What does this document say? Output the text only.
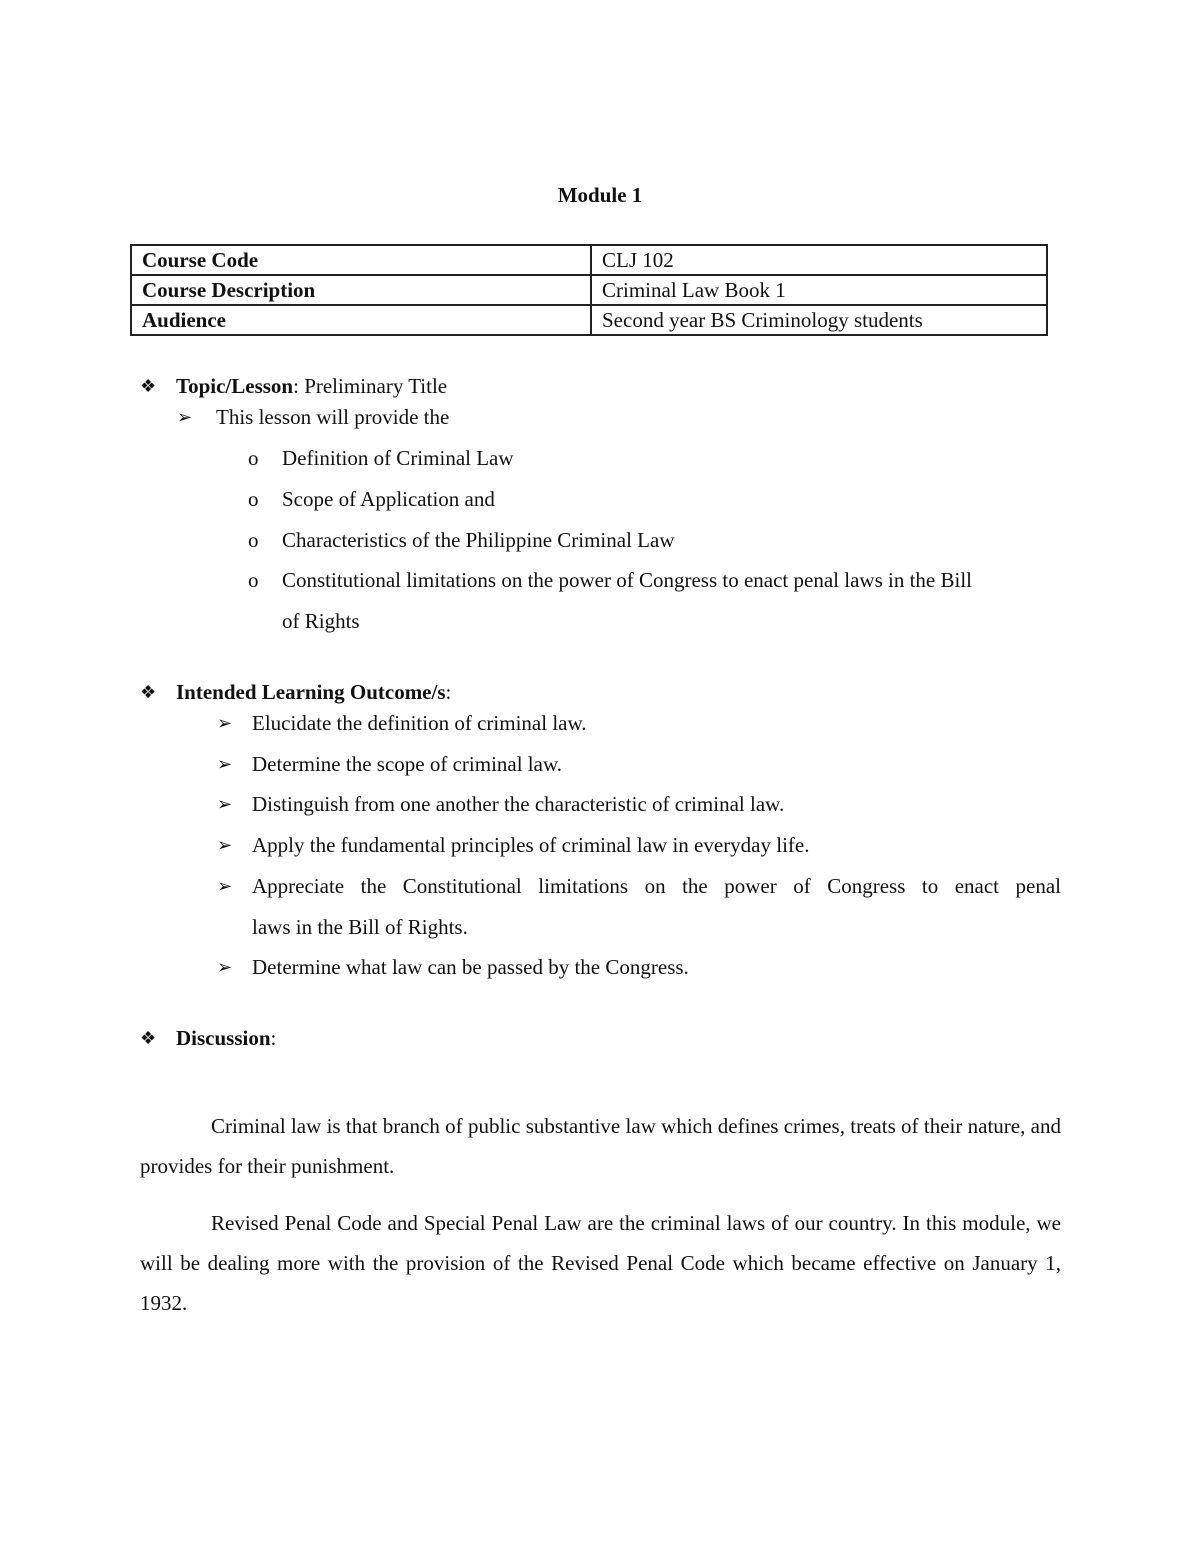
Module 1
Course Code	CLJ 102
Course Description	Criminal Law Book 1
Audience	Second year BS Criminology students
❖ Topic/Lesson: Preliminary Title
➢ This lesson will provide the
o Definition of Criminal Law
o Scope of Application and
o Characteristics of the Philippine Criminal Law
o Constitutional limitations on the power of Congress to enact penal laws in the Bill
of Rights
❖ Intended Learning Outcome/s:
➢ Elucidate the definition of criminal law.
➢ Determine the scope of criminal law.
➢ Distinguish from one another the characteristic of criminal law.
➢ Apply the fundamental principles of criminal law in everyday life.
➢ Appreciate the Constitutional limitations on the power of Congress to enact penal
laws in the Bill of Rights.
➢ Determine what law can be passed by the Congress.
❖ Discussion:
Criminal law is that branch of public substantive law which defines crimes, treats of their nature, and provides for their punishment.
Revised Penal Code and Special Penal Law are the criminal laws of our country. In this module, we will be dealing more with the provision of the Revised Penal Code which became effective on January 1, 1932.
